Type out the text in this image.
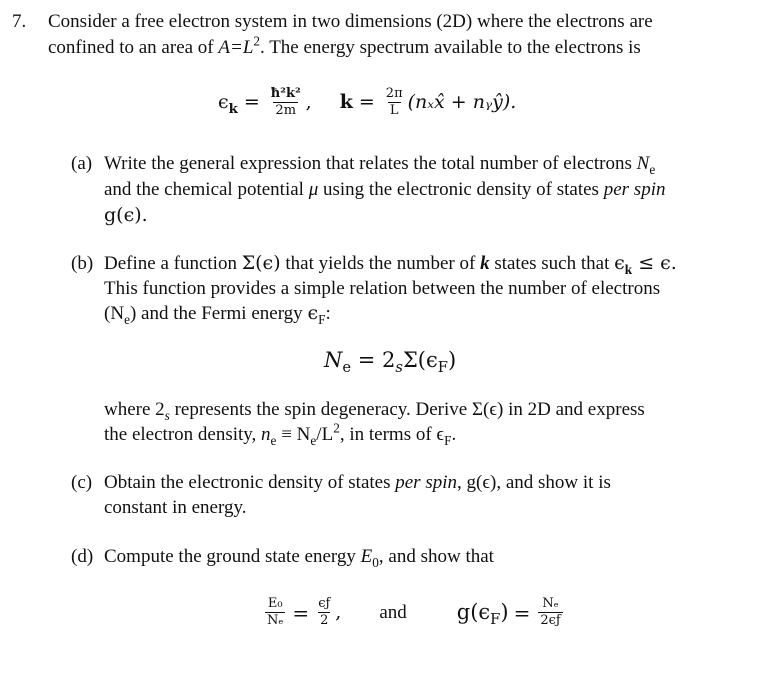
7. Consider a free electron system in two dimensions (2D) where the electrons are
confined to an area of $A=L^2$. The energy spectrum available to the electrons is
$\epsilon_k = \frac{\text{ħ²k²}}{2m}$ , $k = \frac{2\pi}{L}$ (nₓx̂ + nᵧŷ).
(a) Write the general expression that relates the total number of electrons $N_e$
and the chemical potential μ using the electronic density of states per spin
g(ϵ).
(b) Define a function Σ(ϵ) that yields the number of k states such that $\epsilon_k \le \epsilon$.
This function provides a simple relation between the number of electrons
$(N_e)$ and the Fermi energy $\epsilon_F$:
$N_e = 2_s\Sigma(\epsilon_F)$
where $2_s$ represents the spin degeneracy. Derive Σ(ϵ) in 2D and express
the electron density, $n_e \equiv N_e/L^2$, in terms of $\epsilon_F$.
(c) Obtain the electronic density of states per spin, g(ϵ), and show it is
constant in energy.
(d) Compute the ground state energy $E_0$, and show that
$\frac{\text{E₀}}{\text{Nₑ}} = \frac{\epsilon ƒ}{2}$ , and $g(\epsilon_F) = \frac{\text{Nₑ}}{2\epsilon ƒ}$
